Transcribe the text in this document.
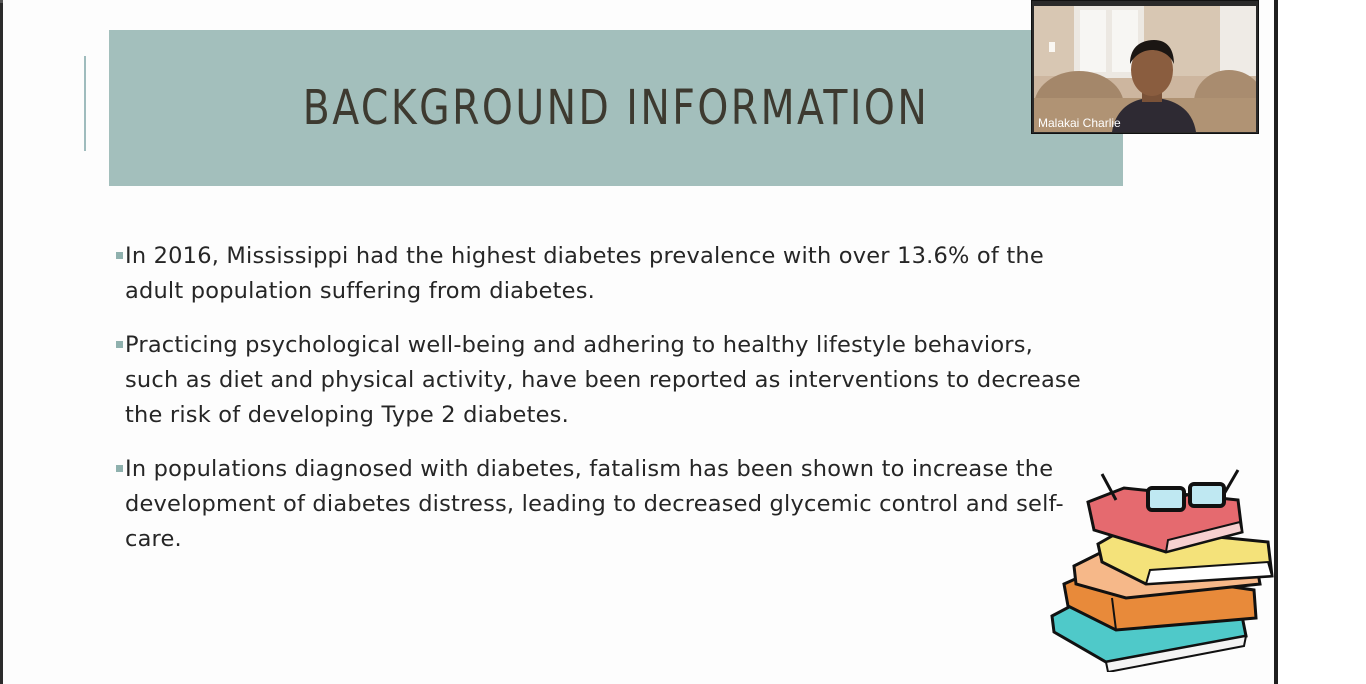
BACKGROUND INFORMATION
In 2016, Mississippi had the highest diabetes prevalence with over 13.6% of the adult population suffering from diabetes.
Practicing psychological well-being and adhering to healthy lifestyle behaviors, such as diet and physical activity, have been reported as interventions to decrease the risk of developing Type 2 diabetes.
In populations diagnosed with diabetes, fatalism has been shown to increase the development of diabetes distress, leading to decreased glycemic control and self-care.
Malakai Charlie
